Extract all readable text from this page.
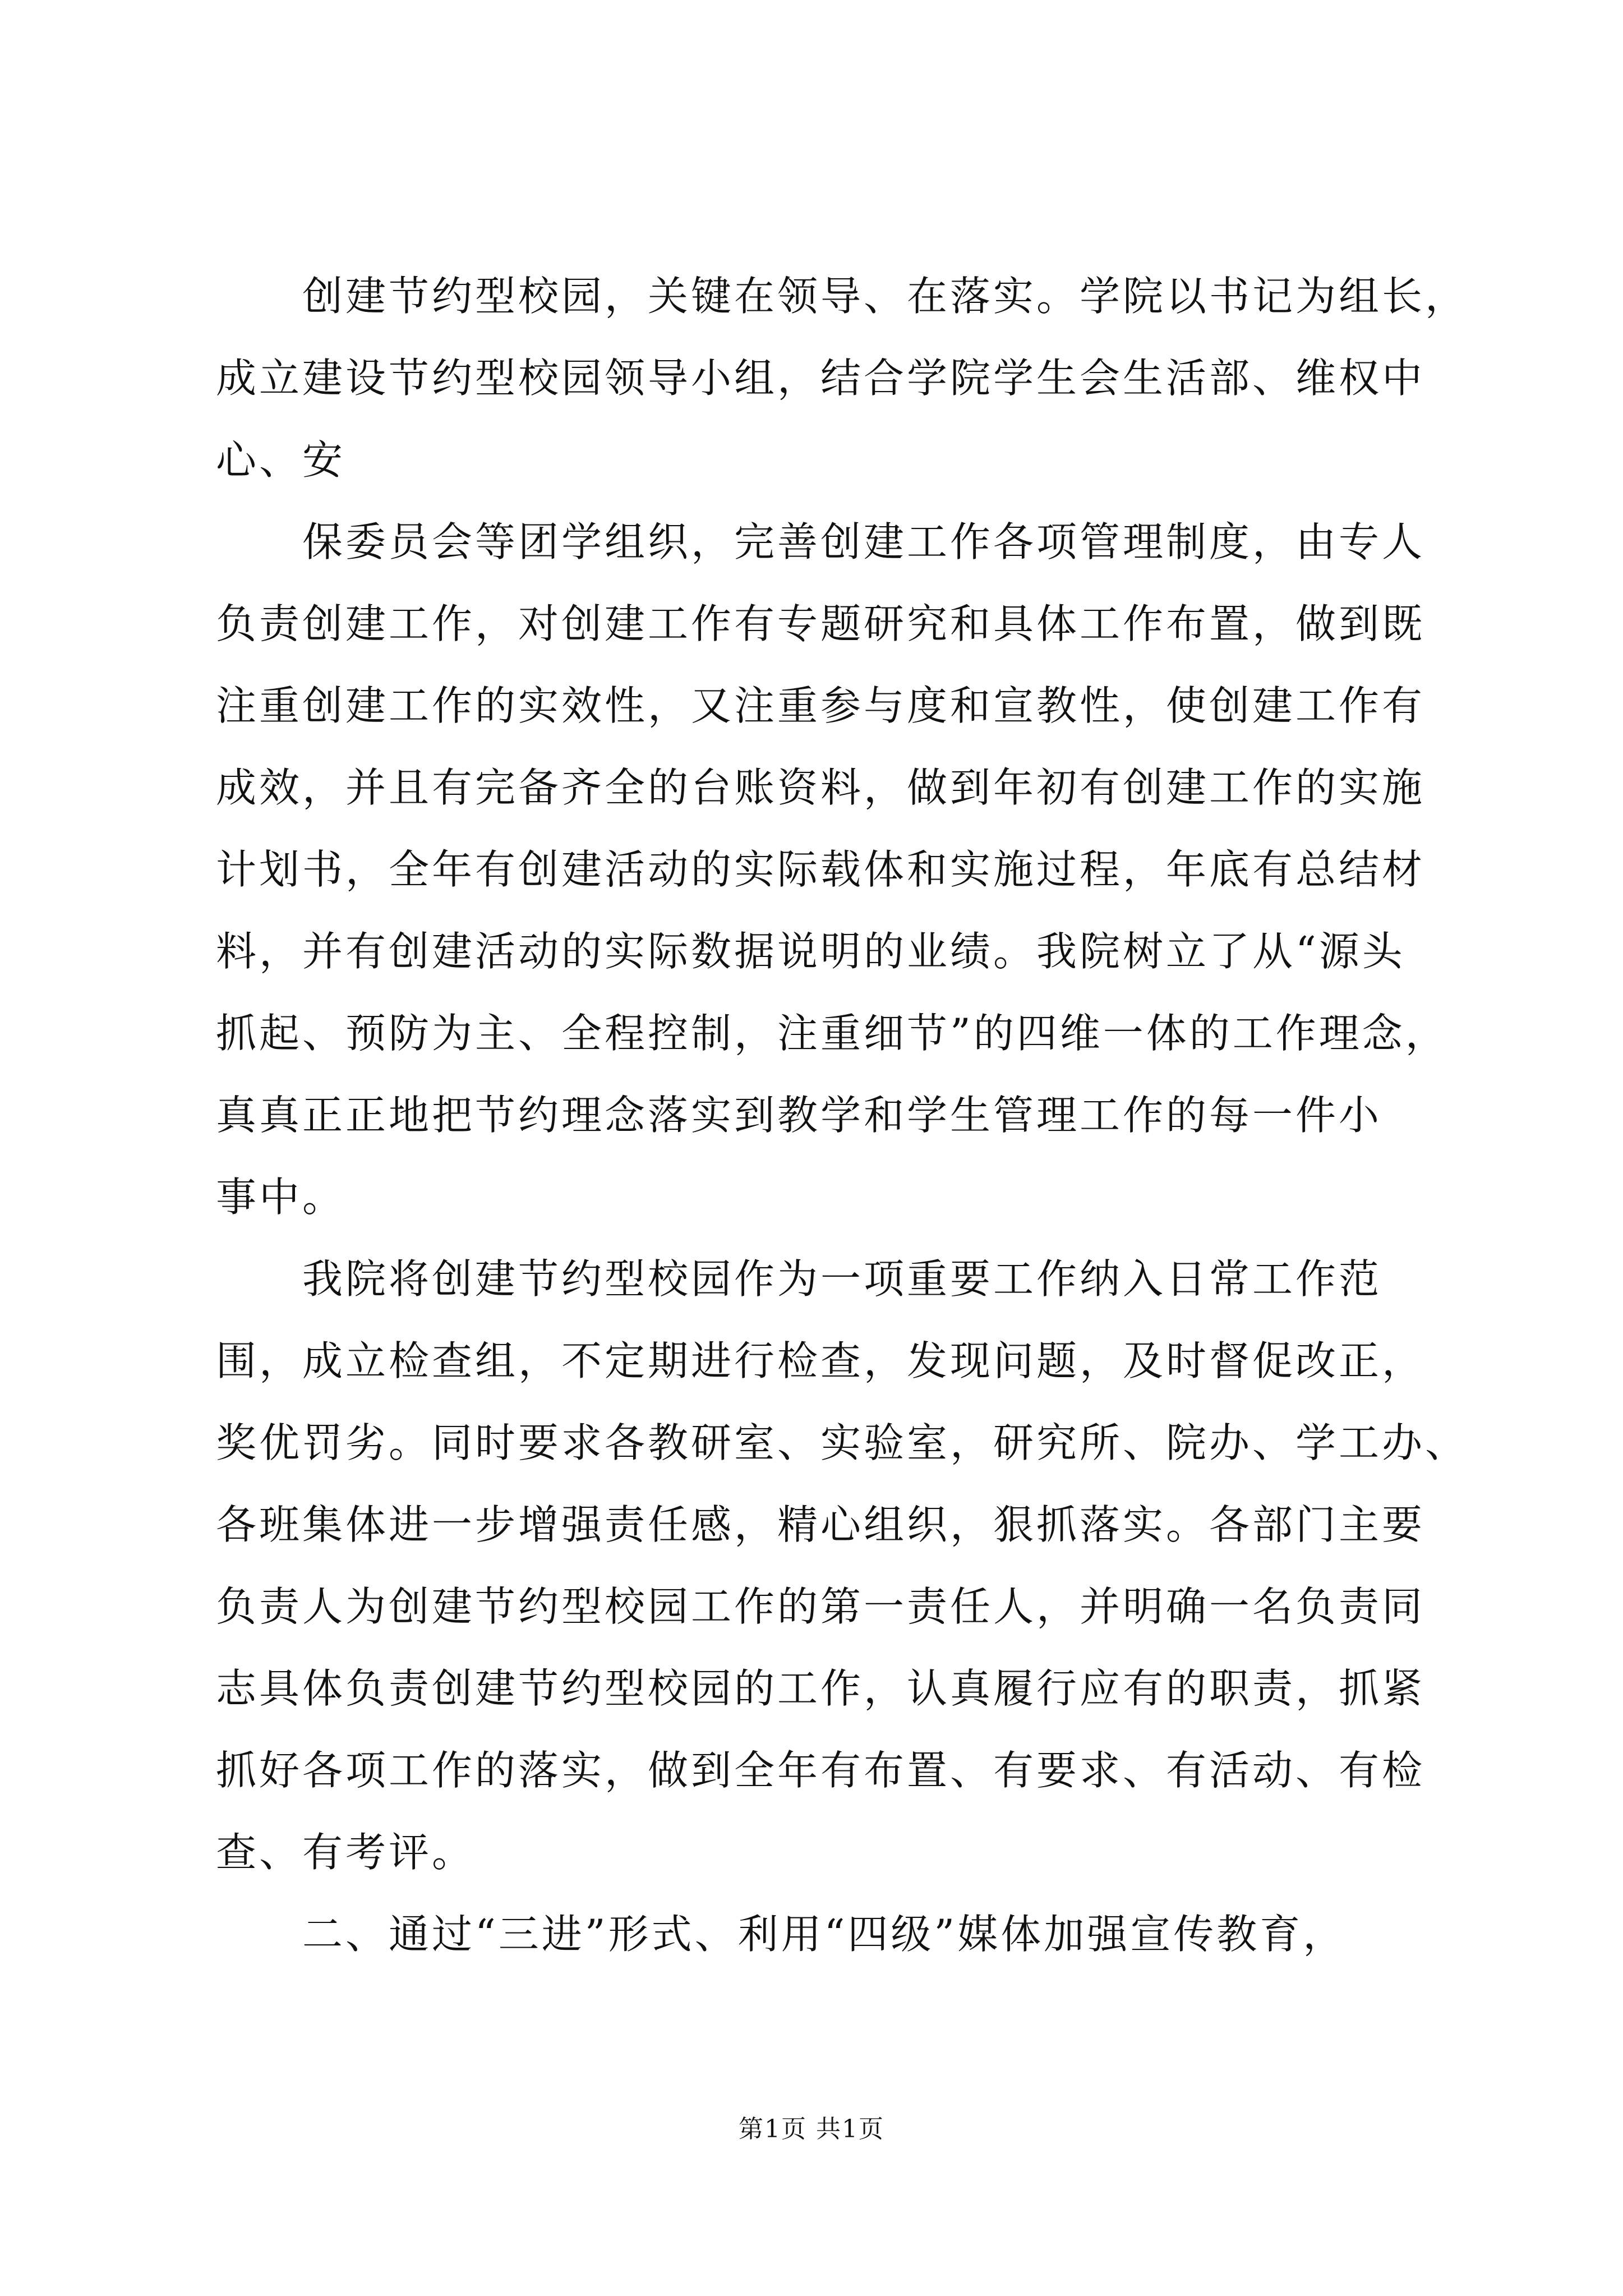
创建节约型校园，关键在领导、在落实。学院以书记为组长，
成立建设节约型校园领导小组，结合学院学生会生活部、维权中
心、安
保委员会等团学组织，完善创建工作各项管理制度，由专人
负责创建工作，对创建工作有专题研究和具体工作布置，做到既
注重创建工作的实效性，又注重参与度和宣教性，使创建工作有
成效，并且有完备齐全的台账资料，做到年初有创建工作的实施
计划书，全年有创建活动的实际载体和实施过程，年底有总结材
料，并有创建活动的实际数据说明的业绩。我院树立了从“源头
抓起、预防为主、全程控制，注重细节”的四维一体的工作理念，
真真正正地把节约理念落实到教学和学生管理工作的每一件小
事中。
我院将创建节约型校园作为一项重要工作纳入日常工作范
围，成立检查组，不定期进行检查，发现问题，及时督促改正，
奖优罚劣。同时要求各教研室、实验室，研究所、院办、学工办、
各班集体进一步增强责任感，精心组织，狠抓落实。各部门主要
负责人为创建节约型校园工作的第一责任人，并明确一名负责同
志具体负责创建节约型校园的工作，认真履行应有的职责，抓紧
抓好各项工作的落实，做到全年有布置、有要求、有活动、有检
查、有考评。
二、通过“三进”形式、利用“四级”媒体加强宣传教育，
第1页 共1页
